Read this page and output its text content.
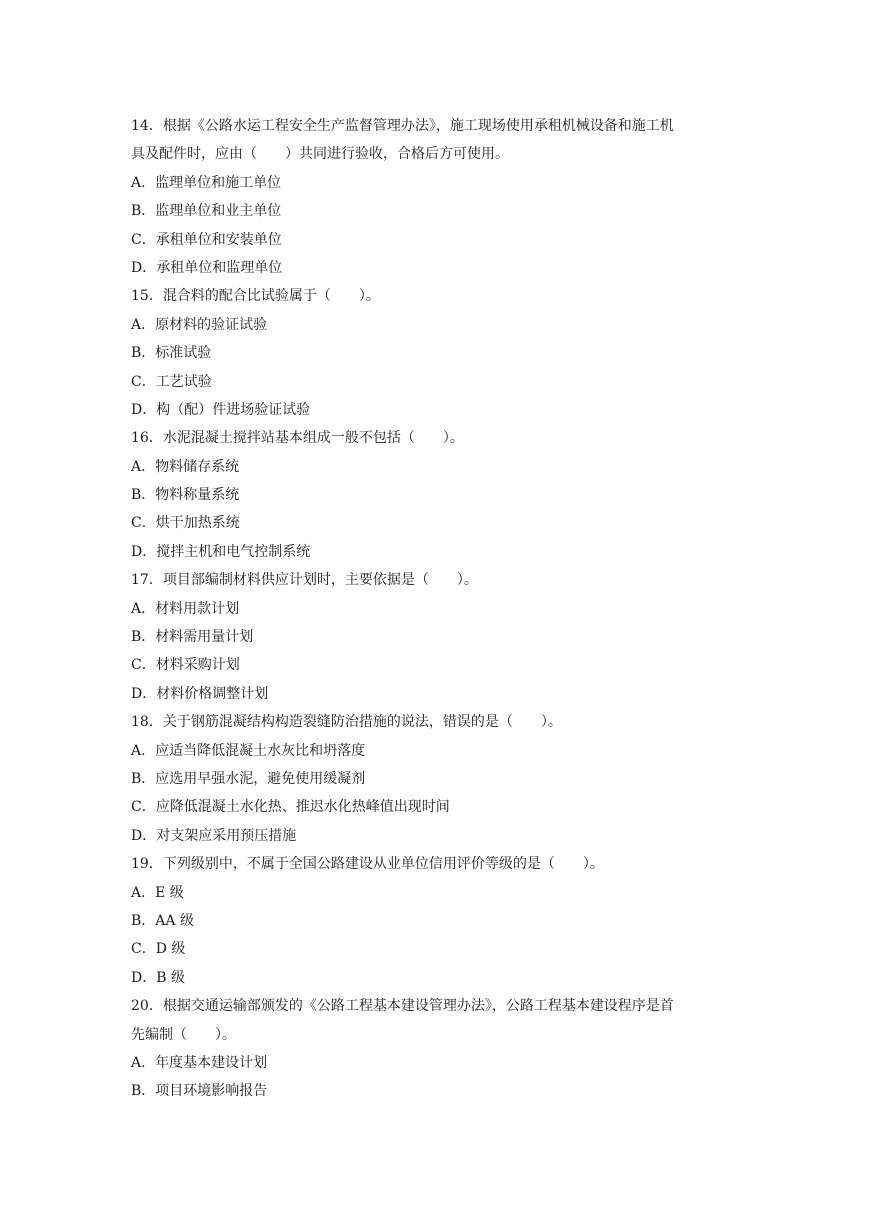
14．根据《公路水运工程安全生产监督管理办法》，施工现场使用承租机械设备和施工机
具及配件时，应由（　　）共同进行验收，合格后方可使用。
A．监理单位和施工单位
B．监理单位和业主单位
C．承租单位和安装单位
D．承租单位和监理单位
15．混合料的配合比试验属于（　　）。
A．原材料的验证试验
B．标准试验
C．工艺试验
D．构（配）件进场验证试验
16．水泥混凝土搅拌站基本组成一般不包括（　　）。
A．物料储存系统
B．物料称量系统
C．烘干加热系统
D．搅拌主机和电气控制系统
17．项目部编制材料供应计划时，主要依据是（　　）。
A．材料用款计划
B．材料需用量计划
C．材料采购计划
D．材料价格调整计划
18．关于钢筋混凝结构构造裂缝防治措施的说法，错误的是（　　）。
A．应适当降低混凝土水灰比和坍落度
B．应选用早强水泥，避免使用缓凝剂
C．应降低混凝土水化热、推迟水化热峰值出现时间
D．对支架应采用预压措施
19．下列级别中，不属于全国公路建设从业单位信用评价等级的是（　　）。
A．E 级
B．AA 级
C．D 级
D．B 级
20．根据交通运输部颁发的《公路工程基本建设管理办法》，公路工程基本建设程序是首
先编制（　　）。
A．年度基本建设计划
B．项目环境影响报告
